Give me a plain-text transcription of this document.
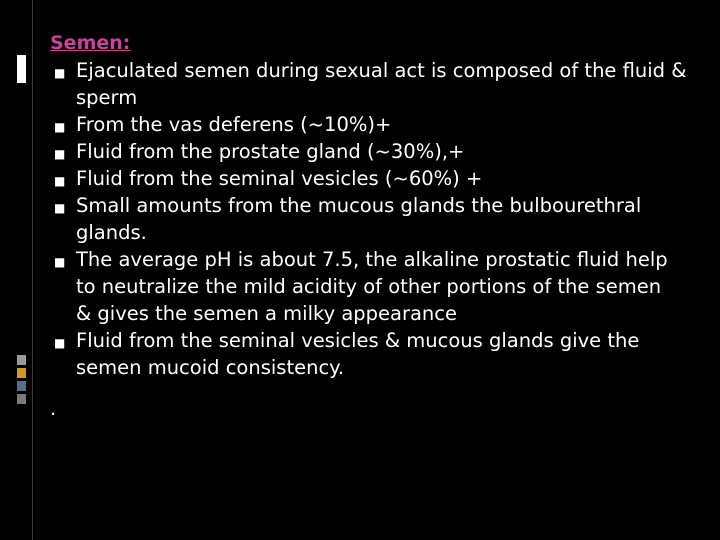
Semen:
■ Ejaculated semen during sexual act is composed of the fluid & sperm
■ From the vas deferens (~10%)+
■ Fluid from the prostate gland (~30%),+
■ Fluid from the seminal vesicles (~60%) +
■ Small amounts from the mucous glands the bulbourethral glands.
■ The average pH is about 7.5, the alkaline prostatic fluid help to neutralize the mild acidity of other portions of the semen
& gives the semen a milky appearance
■ Fluid from the seminal vesicles & mucous glands give the semen mucoid consistency.
.
